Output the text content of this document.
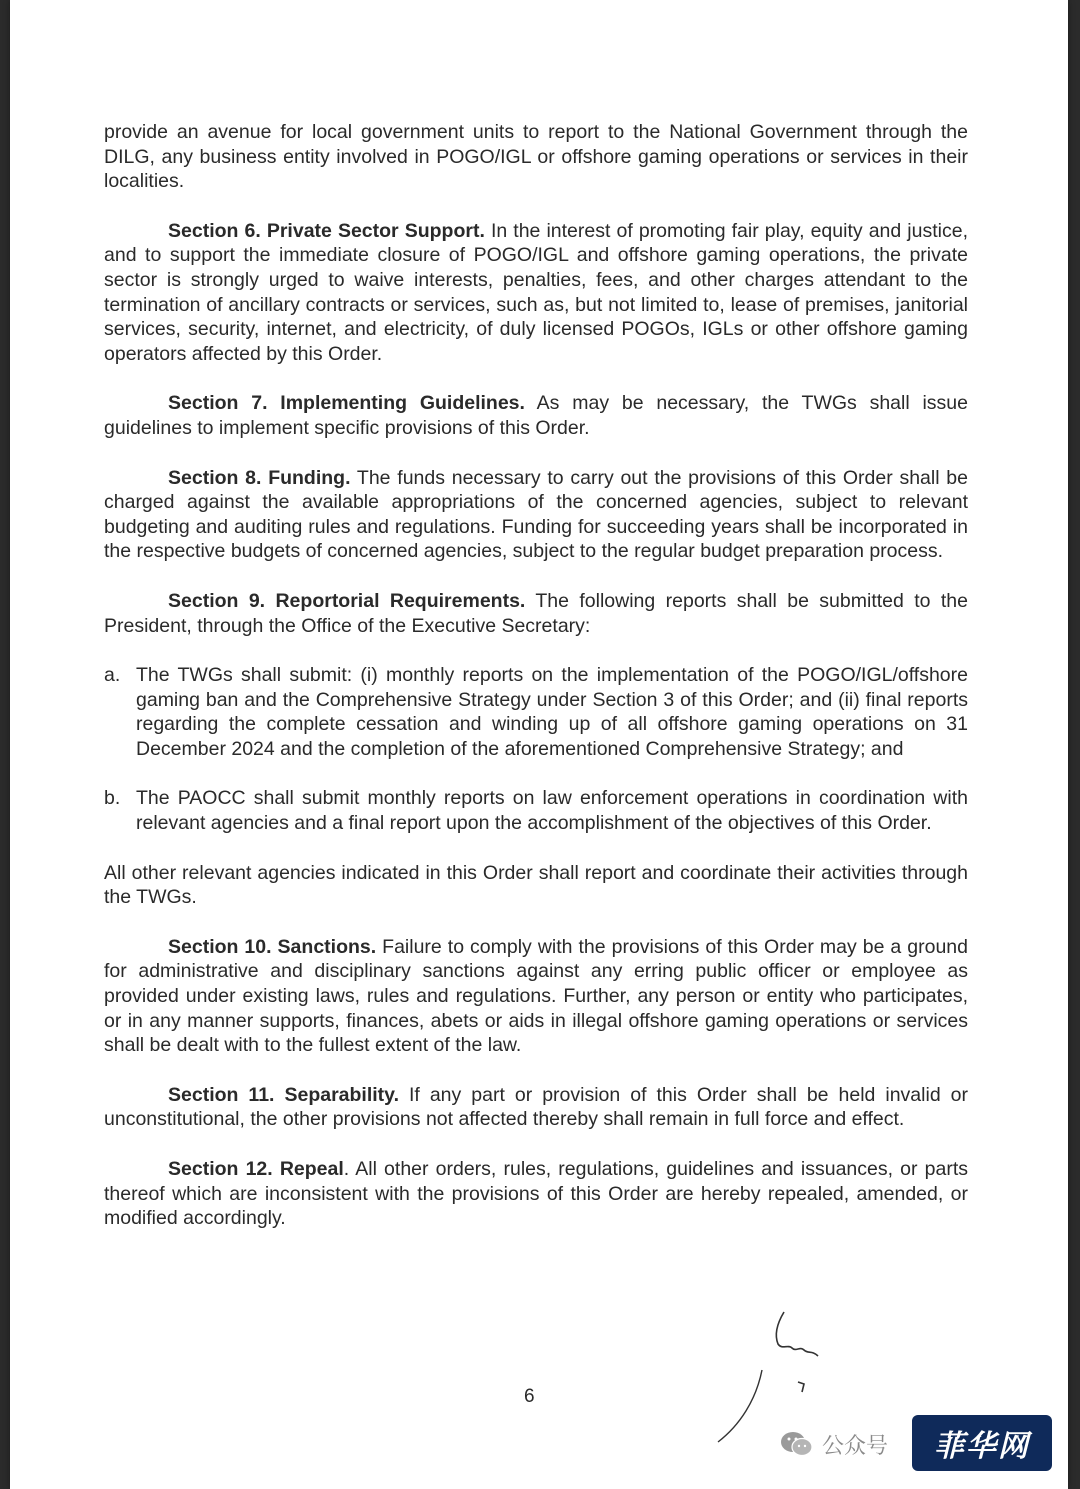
provide an avenue for local government units to report to the National Government through the DILG, any business entity involved in POGO/IGL or offshore gaming operations or services in their localities.

Section 6. Private Sector Support. In the interest of promoting fair play, equity and justice, and to support the immediate closure of POGO/IGL and offshore gaming operations, the private sector is strongly urged to waive interests, penalties, fees, and other charges attendant to the termination of ancillary contracts or services, such as, but not limited to, lease of premises, janitorial services, security, internet, and electricity, of duly licensed POGOs, IGLs or other offshore gaming operators affected by this Order.

Section 7. Implementing Guidelines. As may be necessary, the TWGs shall issue guidelines to implement specific provisions of this Order.

Section 8. Funding. The funds necessary to carry out the provisions of this Order shall be charged against the available appropriations of the concerned agencies, subject to relevant budgeting and auditing rules and regulations. Funding for succeeding years shall be incorporated in the respective budgets of concerned agencies, subject to the regular budget preparation process.

Section 9. Reportorial Requirements. The following reports shall be submitted to the President, through the Office of the Executive Secretary:

a. The TWGs shall submit: (i) monthly reports on the implementation of the POGO/IGL/offshore gaming ban and the Comprehensive Strategy under Section 3 of this Order; and (ii) final reports regarding the complete cessation and winding up of all offshore gaming operations on 31 December 2024 and the completion of the aforementioned Comprehensive Strategy; and
b. The PAOCC shall submit monthly reports on law enforcement operations in coordination with relevant agencies and a final report upon the accomplishment of the objectives of this Order.

All other relevant agencies indicated in this Order shall report and coordinate their activities through the TWGs.

Section 10. Sanctions. Failure to comply with the provisions of this Order may be a ground for administrative and disciplinary sanctions against any erring public officer or employee as provided under existing laws, rules and regulations. Further, any person or entity who participates, or in any manner supports, finances, abets or aids in illegal offshore gaming operations or services shall be dealt with to the fullest extent of the law.

Section 11. Separability. If any part or provision of this Order shall be held invalid or unconstitutional, the other provisions not affected thereby shall remain in full force and effect.

Section 12. Repeal. All other orders, rules, regulations, guidelines and issuances, or parts thereof which are inconsistent with the provisions of this Order are hereby repealed, amended, or modified accordingly.

6
公众号	菲华网
